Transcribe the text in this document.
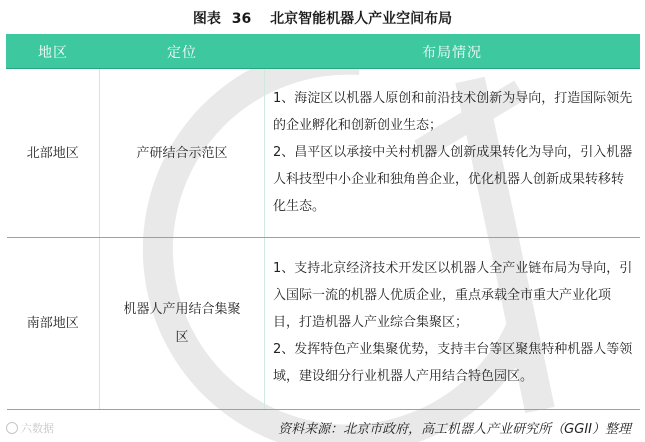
图表 36 北京智能机器人产业空间布局
地区	定位	布局情况
北部地区	产研结合示范区	1、海淀区以机器人原创和前沿技术创新为导向，打造国际领先的企业孵化和创新创业生态；
2、昌平区以承接中关村机器人创新成果转化为导向，引入机器人科技型中小企业和独角兽企业，优化机器人创新成果转移转化生态。

南部地区	机器人产用结合集聚区	1、支持北京经济技术开发区以机器人全产业链布局为导向，引入国际一流的机器人优质企业，重点承载全市重大产业化项目，打造机器人产业综合集聚区；
2、发挥特色产业集聚优势，支持丰台等区聚焦特种机器人等领域，建设细分行业机器人产用结合特色园区。
六数据	资料来源：北京市政府，高工机器人产业研究所（GGII）整理
